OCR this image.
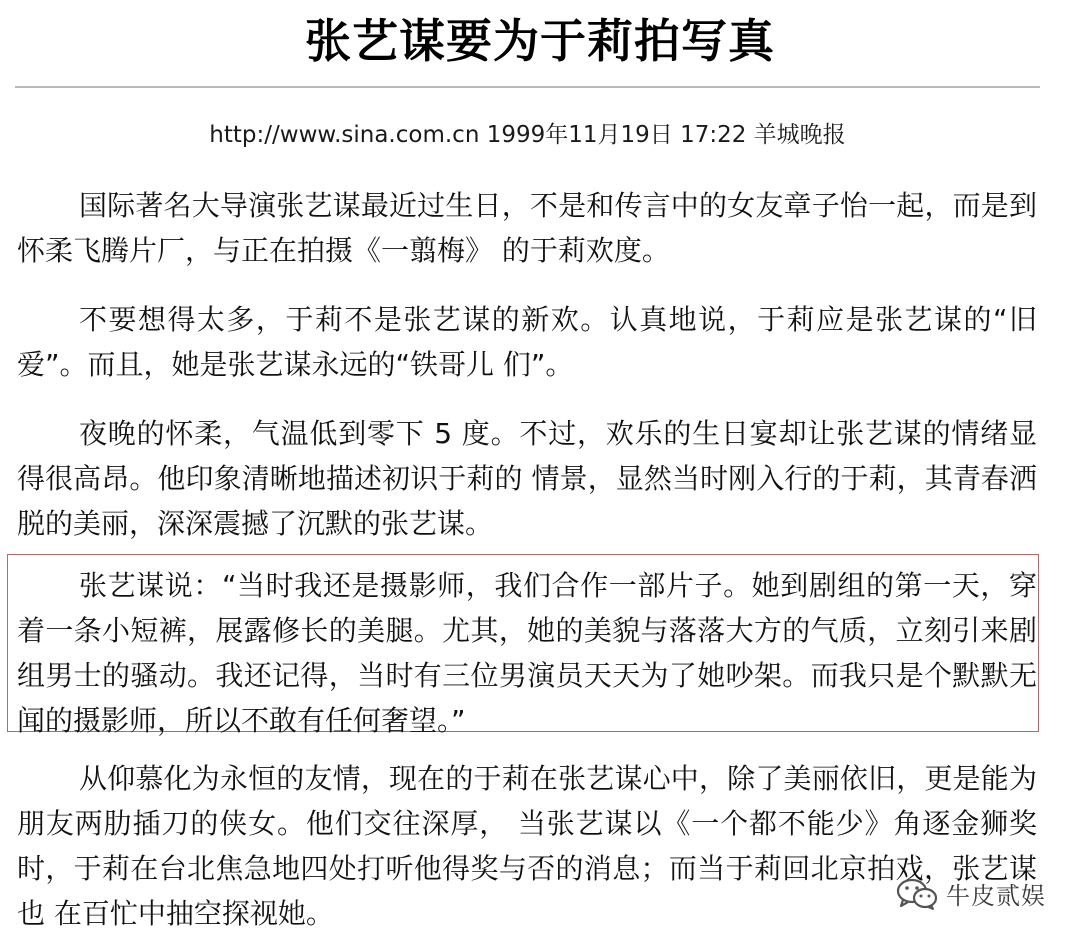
张艺谋要为于莉拍写真
http://www.sina.com.cn 1999年11月19日 17:22 羊城晚报

国际著名大导演张艺谋最近过生日，不是和传言中的女友章子怡一起，而是到怀柔飞腾片厂，与正在拍摄《一翦梅》 的于莉欢度。

不要想得太多，于莉不是张艺谋的新欢。认真地说，于莉应是张艺谋的“旧爱”。而且，她是张艺谋永远的“铁哥儿 们”。

夜晚的怀柔，气温低到零下 5 度。不过，欢乐的生日宴却让张艺谋的情绪显得很高昂。他印象清晰地描述初识于莉的 情景，显然当时刚入行的于莉，其青春洒脱的美丽，深深震撼了沉默的张艺谋。

张艺谋说：“当时我还是摄影师，我们合作一部片子。她到剧组的第一天，穿着一条小短裤，展露修长的美腿。尤其，她的美貌与落落大方的气质，立刻引来剧组男士的骚动。我还记得，当时有三位男演员天天为了她吵架。而我只是个默默无 闻的摄影师，所以不敢有任何奢望。”

从仰慕化为永恒的友情，现在的于莉在张艺谋心中，除了美丽依旧，更是能为朋友两肋插刀的侠女。他们交往深厚， 当张艺谋以《一个都不能少》角逐金狮奖时，于莉在台北焦急地四处打听他得奖与否的消息；而当于莉回北京拍戏，张艺谋也 在百忙中抽空探视她。

牛皮贰娱
